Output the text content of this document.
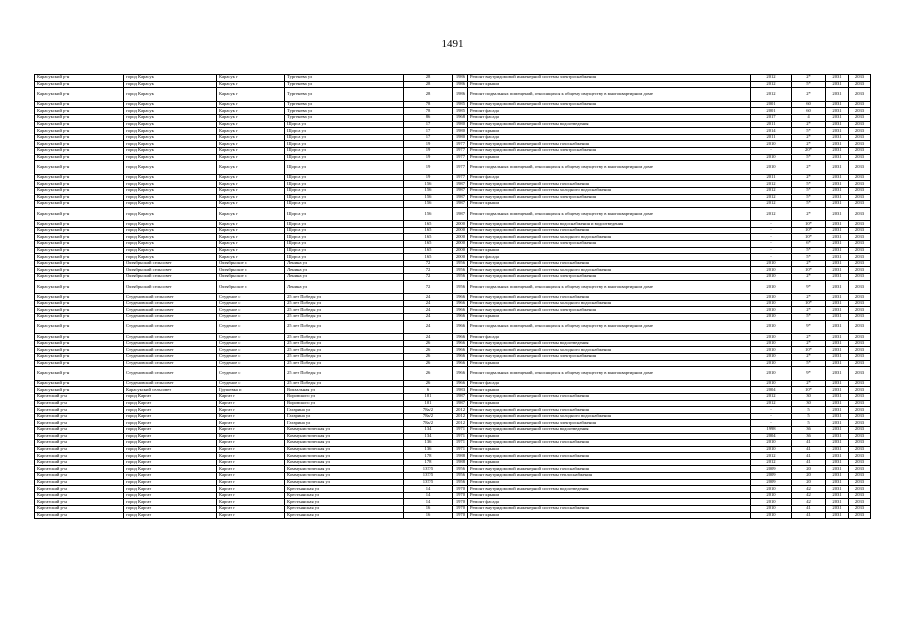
1491
Карасукский р-н	город Карасук	Карасук г	Тургенева ул	28	1986	Ремонт внутридомовой инженерной системы электроснабжения	2012	2*	2031	2033
Карасукский р-н	город Карасук	Карасук г	Тургенева ул	28	1986	Ремонт крыши	2012	5*	2031	2033
Карасукский р-н	город Карасук	Карасук г	Тургенева ул	28	1986	Ремонт подвальных помещений, относящихся к общему имуществу в многоквартирном доме	2012	2*	2031	2033
Карасукский р-н	город Карасук	Карасук г	Тургенева ул	78	1985	Ремонт внутридомовой инженерной системы электроснабжения	2001	60	2031	2033
Карасукский р-н	город Карасук	Карасук г	Тургенева ул	78	1985	Ремонт фасада	2001	60	2031	2033
Карасукский р-н	город Карасук	Карасук г	Тургенева ул	86	1968	Ремонт фасада	2017	4	2031	2033
Карасукский р-н	город Карасук	Карасук г	Щорса ул	17	1980	Ремонт внутридомовой инженерной системы водоотведения	2011	2*	2031	2033
Карасукский р-н	город Карасук	Карасук г	Щорса ул	17	1980	Ремонт крыши	2014	5*	2031	2033
Карасукский р-н	город Карасук	Карасук г	Щорса ул	17	1980	Ремонт фасада	2011	2*	2031	2033
Карасукский р-н	город Карасук	Карасук г	Щорса ул	19	1977	Ремонт внутридомовой инженерной системы газоснабжения	2010	2*	2031	2033
Карасукский р-н	город Карасук	Карасук г	Щорса ул	19	1977	Ремонт внутридомовой инженерной системы электроснабжения	-	20*	2031	2033
Карасукский р-н	город Карасук	Карасук г	Щорса ул	19	1977	Ремонт крыши	2010	5*	2031	2033
Карасукский р-н	город Карасук	Карасук г	Щорса ул	19	1977	Ремонт подвальных помещений, относящихся к общему имуществу в многоквартирном доме	2010	2*	2031	2033
Карасукский р-н	город Карасук	Карасук г	Щорса ул	19	1977	Ремонт фасада	2011	2*	2031	2033
Карасукский р-н	город Карасук	Карасук г	Щорса ул	156	1987	Ремонт внутридомовой инженерной системы газоснабжения	2012	5*	2031	2033
Карасукский р-н	город Карасук	Карасук г	Щорса ул	156	1987	Ремонт внутридомовой инженерной системы холодного водоснабжения	2012	5*	2031	2033
Карасукский р-н	город Карасук	Карасук г	Щорса ул	156	1987	Ремонт внутридомовой инженерной системы электроснабжения	2012	5*	2031	2033
Карасукский р-н	город Карасук	Карасук г	Щорса ул	156	1987	Ремонт крыши	2012	5*	2031	2033
Карасукский р-н	город Карасук	Карасук г	Щорса ул	156	1987	Ремонт подвальных помещений, относящихся к общему имуществу в многоквартирном доме	2012	2*	2031	2033
Карасукский р-н	город Карасук	Карасук г	Щорса ул	165	2000	Ремонт внутридомовой инженерной системы водоснабжения и водоотведения	-	10*	2031	2033
Карасукский р-н	город Карасук	Карасук г	Щорса ул	165	2000	Ремонт внутридомовой инженерной системы газоснабжения	-	10*	2031	2033
Карасукский р-н	город Карасук	Карасук г	Щорса ул	165	2000	Ремонт внутридомовой инженерной системы холодного водоснабжения	-	10*	2031	2033
Карасукский р-н	город Карасук	Карасук г	Щорса ул	165	2000	Ремонт внутридомовой инженерной системы электроснабжения	-	6*	2031	2033
Карасукский р-н	город Карасук	Карасук г	Щорса ул	165	2000	Ремонт крыши	-	5*	2031	2033
Карасукский р-н	город Карасук	Карасук г	Щорса ул	165	2000	Ремонт фасада	-	5*	2031	2033
Карасукский р-н	Октябрьский сельсовет	Октябрьское с	Ленина ул	72	1956	Ремонт внутридомовой инженерной системы газоснабжения	2010	2*	2031	2033
Карасукский р-н	Октябрьский сельсовет	Октябрьское с	Ленина ул	72	1956	Ремонт внутридомовой инженерной системы холодного водоснабжения	2010	10*	2031	2033
Карасукский р-н	Октябрьский сельсовет	Октябрьское с	Ленина ул	72	1956	Ремонт внутридомовой инженерной системы электроснабжения	2010	2*	2031	2033
Карасукский р-н	Октябрьский сельсовет	Октябрьское с	Ленина ул	72	1956	Ремонт подвальных помещений, относящихся к общему имуществу в многоквартирном доме	2010	9*	2031	2033
Карасукский р-н	Студеновский сельсовет	Студеное с	25 лет Победы ул	24	1966	Ремонт внутридомовой инженерной системы газоснабжения	2010	2*	2031	2033
Карасукский р-н	Студеновский сельсовет	Студеное с	25 лет Победы ул	24	1966	Ремонт внутридомовой инженерной системы холодного водоснабжения	2010	10*	2031	2033
Карасукский р-н	Студеновский сельсовет	Студеное с	25 лет Победы ул	24	1966	Ремонт внутридомовой инженерной системы электроснабжения	2010	2*	2031	2033
Карасукский р-н	Студеновский сельсовет	Студеное с	25 лет Победы ул	24	1966	Ремонт крыши	2010	5*	2031	2033
Карасукский р-н	Студеновский сельсовет	Студеное с	25 лет Победы ул	24	1966	Ремонт подвальных помещений, относящихся к общему имуществу в многоквартирном доме	2010	9*	2031	2033
Карасукский р-н	Студеновский сельсовет	Студеное с	25 лет Победы ул	24	1966	Ремонт фасада	2010	2*	2031	2033
Карасукский р-н	Студеновский сельсовет	Студеное с	25 лет Победы ул	26	1966	Ремонт внутридомовой инженерной системы водоотведения	2010	2*	2031	2033
Карасукский р-н	Студеновский сельсовет	Студеное с	25 лет Победы ул	26	1966	Ремонт внутридомовой инженерной системы холодного водоснабжения	2010	10*	2031	2033
Карасукский р-н	Студеновский сельсовет	Студеное с	25 лет Победы ул	26	1966	Ремонт внутридомовой инженерной системы электроснабжения	2010	2*	2031	2033
Карасукский р-н	Студеновский сельсовет	Студеное с	25 лет Победы ул	26	1966	Ремонт крыши	2010	5*	2031	2033
Карасукский р-н	Студеновский сельсовет	Студеное с	25 лет Победы ул	26	1966	Ремонт подвальных помещений, относящихся к общему имуществу в многоквартирном доме	2010	9*	2031	2033
Карасукский р-н	Студеновский сельсовет	Студеное с	25 лет Победы ул	26	1966	Ремонт фасада	2010	2*	2031	2033
Карасукский р-н	Карасукский сельсовет	Грушевка п	Вокзальная ул	6	1983	Ремонт крыши	2004	10*	2031	2033
Каргатский р-н	город Каргат	Каргат г	Воровского ул	101	1987	Ремонт внутридомовой инженерной системы газоснабжения	2012	30	2031	2033
Каргатский р-н	город Каргат	Каргат г	Воровского ул	101	1987	Ремонт крыши	2012	30	2031	2033
Каргатский р-н	город Каргат	Каргат г	Гагарина ул	78а/2	2012	Ремонт внутридомовой инженерной системы газоснабжения	-	5	2031	2033
Каргатский р-н	город Каргат	Каргат г	Гагарина ул	78а/2	2012	Ремонт внутридомовой инженерной системы холодного водоснабжения	-	5	2031	2033
Каргатский р-н	город Каргат	Каргат г	Гагарина ул	78а/2	2012	Ремонт внутридомовой инженерной системы электроснабжения	-	5	2031	2033
Каргатский р-н	город Каргат	Каргат г	Коммунистическая ул	134	1971	Ремонт внутридомовой инженерной системы водоотведения	1998	36	2031	2033
Каргатский р-н	город Каргат	Каргат г	Коммунистическая ул	134	1971	Ремонт крыши	2004	36	2031	2033
Каргатский р-н	город Каргат	Каргат г	Коммунистическая ул	136	1971	Ремонт внутридомовой инженерной системы газоснабжения	2010	41	2031	2033
Каргатский р-н	город Каргат	Каргат г	Коммунистическая ул	136	1971	Ремонт крыши	2010	41	2031	2033
Каргатский р-н	город Каргат	Каргат г	Коммунистическая ул	178	1988	Ремонт внутридомовой инженерной системы газоснабжения	2012	41	2031	2033
Каргатский р-н	город Каргат	Каргат г	Коммунистическая ул	178	1988	Ремонт крыши	2012	41	2031	2033
Каргатский р-н	город Каргат	Каргат г	Коммунистическая ул	137/5	1956	Ремонт внутридомовой инженерной системы газоснабжения	2009	20	2031	2033
Каргатский р-н	город Каргат	Каргат г	Коммунистическая ул	137/5	1956	Ремонт внутридомовой инженерной системы теплоснабжения	2009	20	2031	2033
Каргатский р-н	город Каргат	Каргат г	Коммунистическая ул	137/5	1956	Ремонт крыши	2009	20	2031	2033
Каргатский р-н	город Каргат	Каргат г	Крестьянская ул	14	1970	Ремонт внутридомовой инженерной системы водоотведения	2010	42	2031	2033
Каргатский р-н	город Каргат	Каргат г	Крестьянская ул	14	1970	Ремонт крыши	2010	42	2031	2033
Каргатский р-н	город Каргат	Каргат г	Крестьянская ул	14	1970	Ремонт фасада	2010	42	2031	2033
Каргатский р-н	город Каргат	Каргат г	Крестьянская ул	16	1970	Ремонт внутридомовой инженерной системы газоснабжения	2010	41	2031	2033
Каргатский р-н	город Каргат	Каргат г	Крестьянская ул	16	1970	Ремонт крыши	2010	41	2031	2033
